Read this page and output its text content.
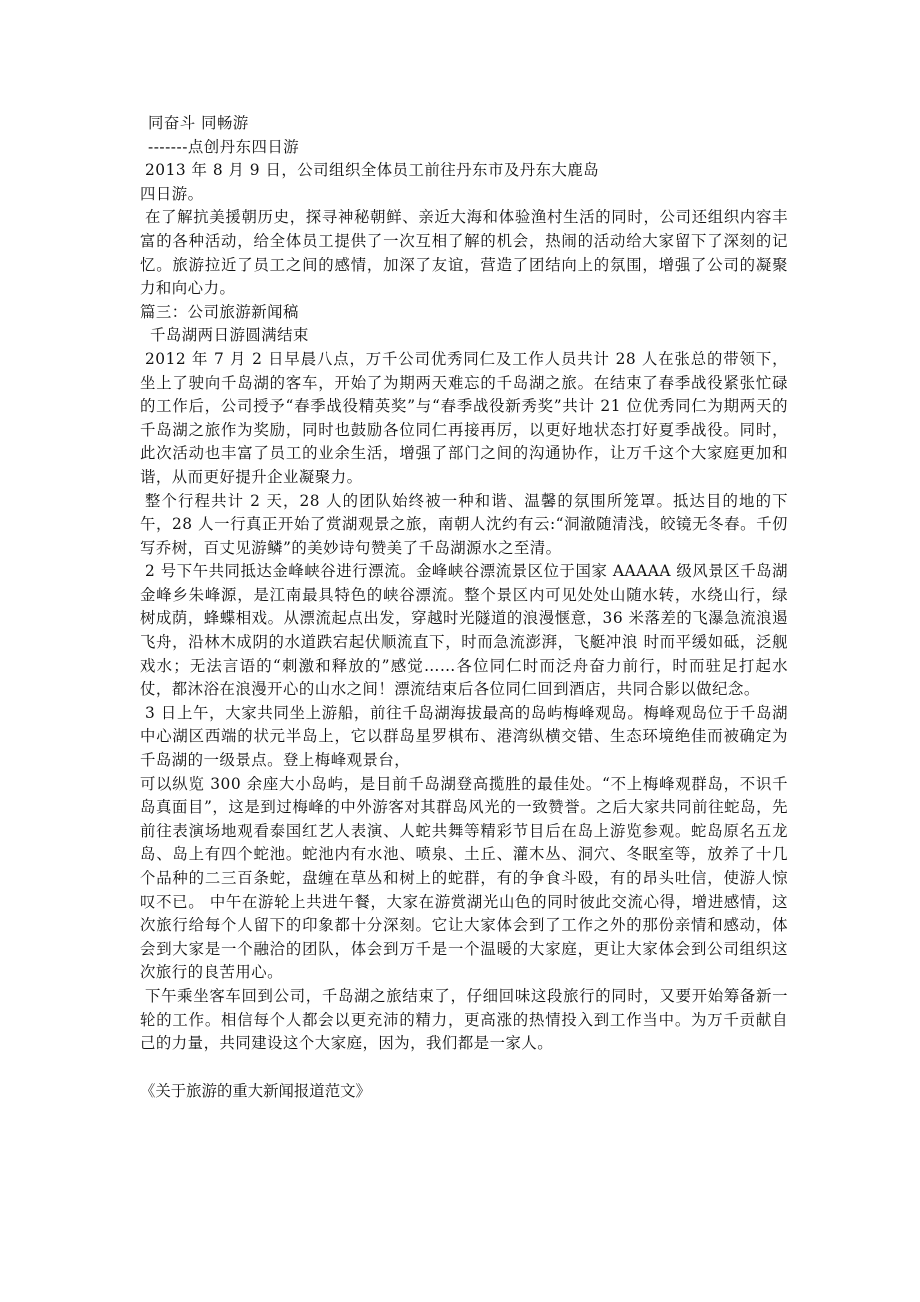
同奋斗 同畅游
-------点创丹东四日游
2013 年 8 月 9 日，公司组织全体员工前往丹东市及丹东大鹿岛
四日游。
在了解抗美援朝历史，探寻神秘朝鲜、亲近大海和体验渔村生活的同时，公司还组织内容丰富的各种活动，给全体员工提供了一次互相了解的机会，热闹的活动给大家留下了深刻的记忆。旅游拉近了员工之间的感情，加深了友谊，营造了团结向上的氛围，增强了公司的凝聚力和向心力。
篇三：公司旅游新闻稿
千岛湖两日游圆满结束
2012 年 7 月 2 日早晨八点，万千公司优秀同仁及工作人员共计 28 人在张总的带领下，坐上了驶向千岛湖的客车，开始了为期两天难忘的千岛湖之旅。在结束了春季战役紧张忙碌的工作后，公司授予“春季战役精英奖”与“春季战役新秀奖”共计 21 位优秀同仁为期两天的千岛湖之旅作为奖励，同时也鼓励各位同仁再接再厉，以更好地状态打好夏季战役。同时，此次活动也丰富了员工的业余生活，增强了部门之间的沟通协作，让万千这个大家庭更加和谐，从而更好提升企业凝聚力。
整个行程共计 2 天，28 人的团队始终被一种和谐、温馨的氛围所笼罩。抵达目的地的下午，28 人一行真正开始了赏湖观景之旅，南朝人沈约有云:“洞澈随清浅，皎镜无冬春。千仞写乔树，百丈见游鳞”的美妙诗句赞美了千岛湖源水之至清。
2 号下午共同抵达金峰峡谷进行漂流。金峰峡谷漂流景区位于国家 AAAAA 级风景区千岛湖金峰乡朱峰源，是江南最具特色的峡谷漂流。整个景区内可见处处山随水转，水绕山行，绿树成荫，蜂蝶相戏。从漂流起点出发，穿越时光隧道的浪漫惬意，36 米落差的飞瀑急流浪遏飞舟，沿林木成阴的水道跌宕起伏顺流直下，时而急流澎湃，飞艇冲浪 时而平缓如砥，泛舰戏水；无法言语的“刺激和释放的”感觉……各位同仁时而泛舟奋力前行，时而驻足打起水仗，都沐浴在浪漫开心的山水之间！漂流结束后各位同仁回到酒店，共同合影以做纪念。
3 日上午，大家共同坐上游船，前往千岛湖海拔最高的岛屿梅峰观岛。梅峰观岛位于千岛湖中心湖区西端的状元半岛上，它以群岛星罗棋布、港湾纵横交错、生态环境绝佳而被确定为千岛湖的一级景点。登上梅峰观景台，
可以纵览 300 余座大小岛屿，是目前千岛湖登高揽胜的最佳处。“不上梅峰观群岛，不识千岛真面目”，这是到过梅峰的中外游客对其群岛风光的一致赞誉。之后大家共同前往蛇岛，先前往表演场地观看泰国红艺人表演、人蛇共舞等精彩节目后在岛上游览参观。蛇岛原名五龙岛、岛上有四个蛇池。蛇池内有水池、喷泉、土丘、灌木丛、洞穴、冬眠室等，放养了十几个品种的二三百条蛇，盘缠在草丛和树上的蛇群，有的争食斗殴，有的昂头吐信，使游人惊叹不已。 中午在游轮上共进午餐，大家在游赏湖光山色的同时彼此交流心得，增进感情，这次旅行给每个人留下的印象都十分深刻。它让大家体会到了工作之外的那份亲情和感动，体会到大家是一个融洽的团队，体会到万千是一个温暖的大家庭，更让大家体会到公司组织这次旅行的良苦用心。
下午乘坐客车回到公司，千岛湖之旅结束了，仔细回味这段旅行的同时，又要开始筹备新一轮的工作。相信每个人都会以更充沛的精力，更高涨的热情投入到工作当中。为万千贡献自己的力量，共同建设这个大家庭，因为，我们都是一家人。
《关于旅游的重大新闻报道范文》
